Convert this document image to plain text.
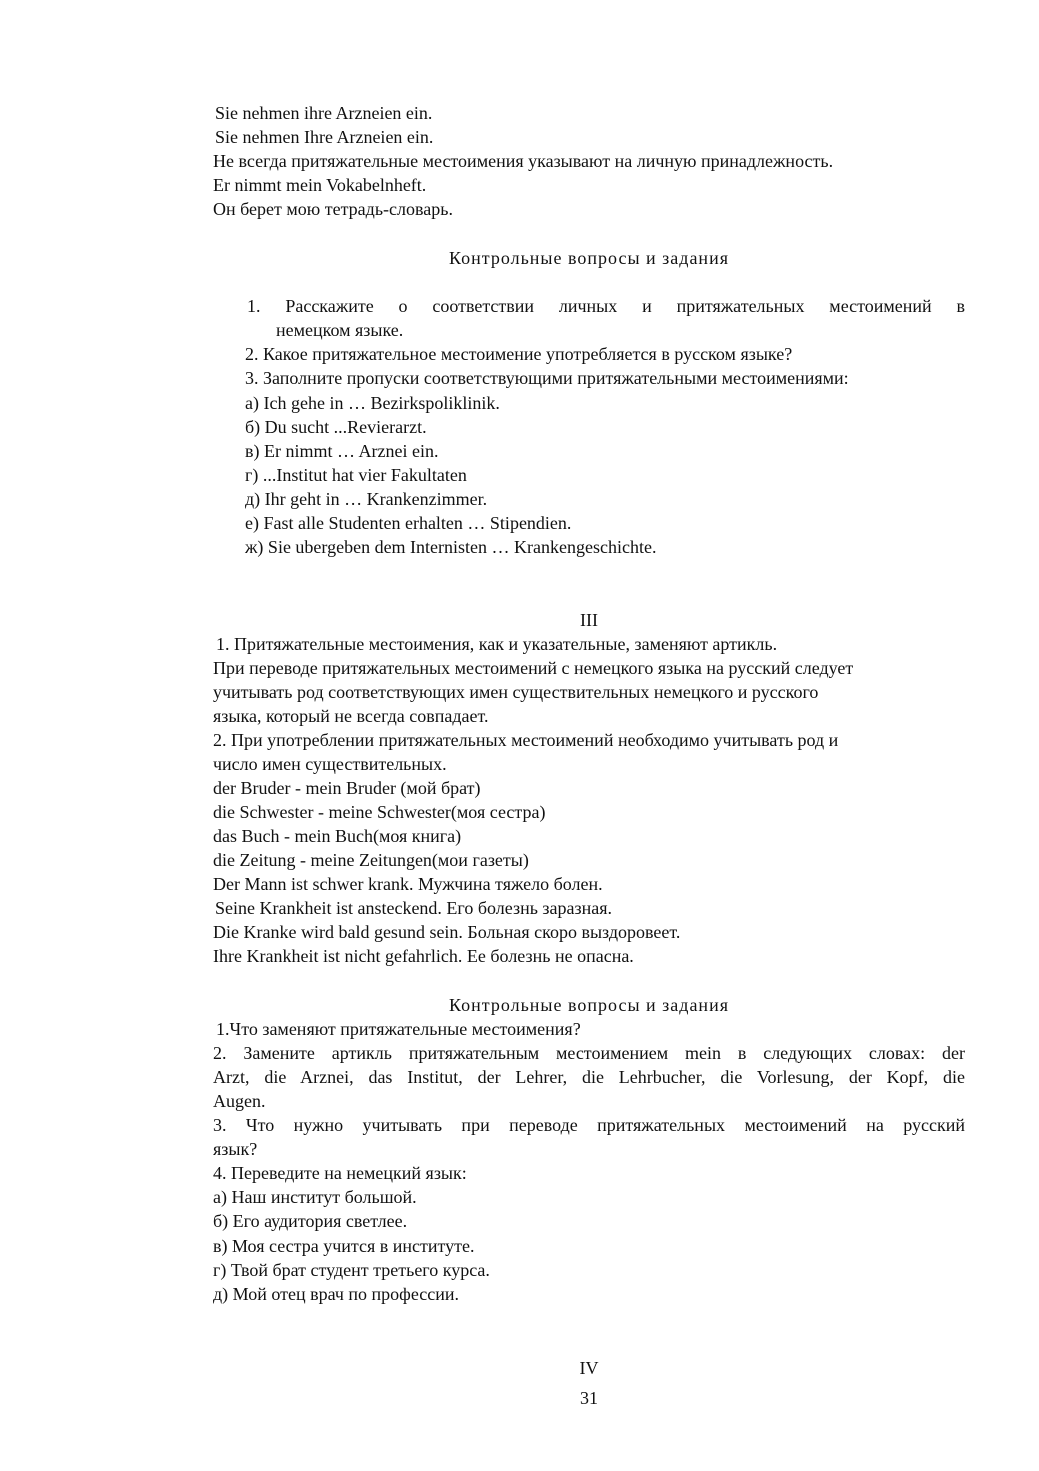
Sie nehmen ihre Arzneien ein.
Sie nehmen Ihre Arzneien ein.
Не всегда притяжательные местоимения указывают на личную принадлежность.
Er nimmt mein Vokabelnheft.
Он берет мою тетрадь-словарь.
Контрольные вопросы и задания
1. Расскажите о соответствии личных и притяжательных местоимений в
немецком языке.
2. Какое притяжательное местоимение употребляется в русском языке?
3. Заполните пропуски соответствующими притяжательными местоимениями:
а) Ich gehe in … Bezirkspoliklinik.
б) Du sucht ...Revierarzt.
в) Er nimmt … Arznei ein.
г) ...Institut hat vier Fakultaten
д) Ihr geht in … Krankenzimmer.
е) Fast alle Studenten erhalten … Stipendien.
ж) Sie ubergeben dem Internisten … Krankengeschichte.
III
1. Притяжательные местоимения, как и указательные, заменяют артикль.
При переводе притяжательных местоимений с немецкого языка на русский следует
учитывать род соответствующих имен существительных немецкого и русского
языка, который не всегда совпадает.
2. При употреблении притяжательных местоимений необходимо учитывать род и
число имен существительных.
der Bruder - mein Bruder (мой брат)
die Schwester - meine Schwester(моя сестра)
das Buch - mein Buch(моя книга)
die Zeitung - meine Zeitungen(мои газеты)
Der Mann ist schwer krank. Мужчина тяжело болен.
Seine Krankheit ist ansteckend. Его болезнь заразная.
Die Kranke wird bald gesund sein. Больная скоро выздоровеет.
Ihre Krankheit ist nicht gefahrlich. Ее болезнь не опасна.
Контрольные вопросы и задания
1.Что заменяют притяжательные местоимения?
2. Замените артикль притяжательным местоимением mein в следующих словах: der
Arzt, die Arznei, das Institut, der Lehrer, die Lehrbucher, die Vorlesung, der Kopf, die
Augen.
3. Что нужно учитывать при переводе притяжательных местоимений на русский
язык?
4. Переведите на немецкий язык:
а) Наш институт большой.
б) Его аудитория светлее.
в) Моя сестра учится в институте.
г) Твой брат студент третьего курса.
д) Мой отец врач по профессии.
IV
31
